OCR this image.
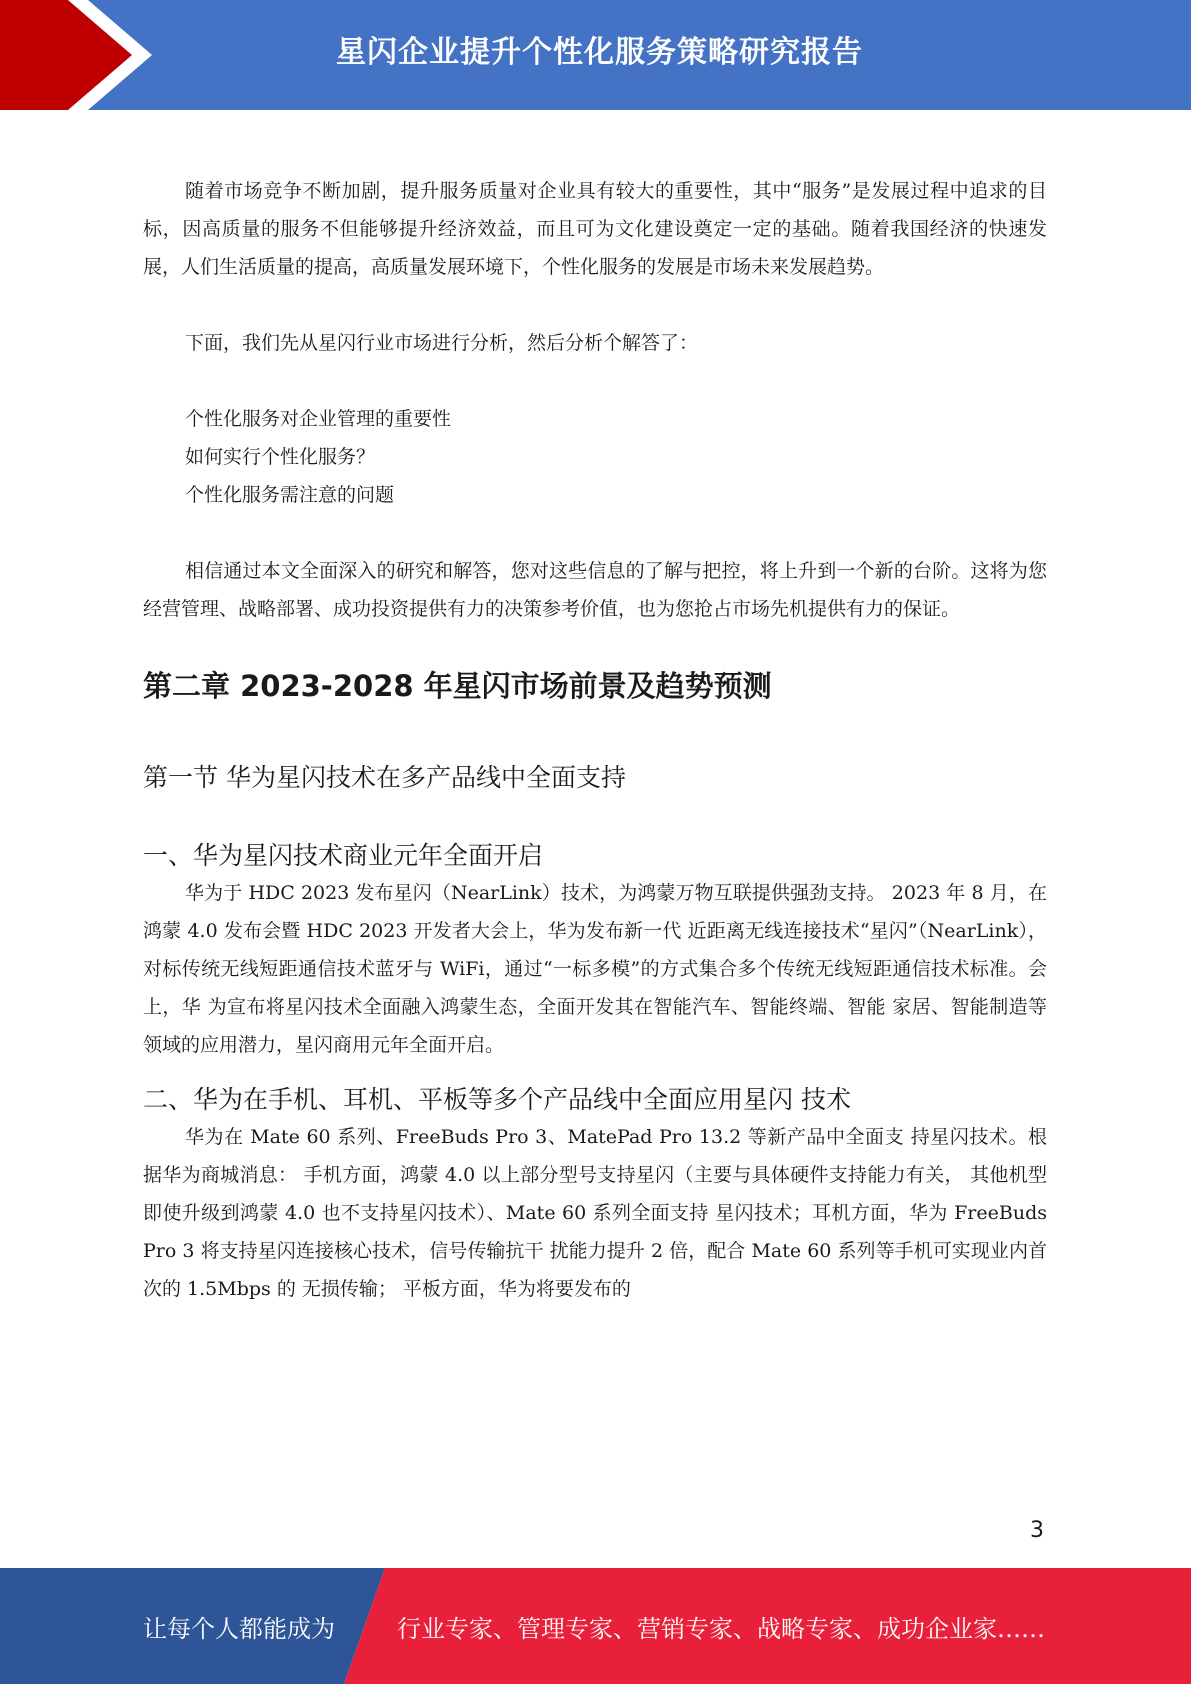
星闪企业提升个性化服务策略研究报告

随着市场竞争不断加剧，提升服务质量对企业具有较大的重要性，其中“服务”是发展过程中追求的目标，因高质量的服务不但能够提升经济效益，而且可为文化建设奠定一定的基础。随着我国经济的快速发展，人们生活质量的提高，高质量发展环境下，个性化服务的发展是市场未来发展趋势。

下面，我们先从星闪行业市场进行分析，然后分析个解答了：

个性化服务对企业管理的重要性

如何实行个性化服务？

个性化服务需注意的问题

相信通过本文全面深入的研究和解答，您对这些信息的了解与把控，将上升到一个新的台阶。这将为您经营管理、战略部署、成功投资提供有力的决策参考价值，也为您抢占市场先机提供有力的保证。

第二章 2023-2028 年星闪市场前景及趋势预测
第一节 华为星闪技术在多产品线中全面支持
一、华为星闪技术商业元年全面开启

华为于 HDC 2023 发布星闪（NearLink）技术，为鸿蒙万物互联提供强劲支持。 2023 年 8 月，在鸿蒙 4.0 发布会暨 HDC 2023 开发者大会上，华为发布新一代 近距离无线连接技术“星闪”（NearLink），对标传统无线短距通信技术蓝牙与 WiFi，通过“一标多模”的方式集合多个传统无线短距通信技术标准。会上，华 为宣布将星闪技术全面融入鸿蒙生态，全面开发其在智能汽车、智能终端、智能 家居、智能制造等领域的应用潜力，星闪商用元年全面开启。

二、华为在手机、耳机、平板等多个产品线中全面应用星闪 技术

华为在 Mate 60 系列、FreeBuds Pro 3、MatePad Pro 13.2 等新产品中全面支 持星闪技术。根据华为商城消息： 手机方面，鸿蒙 4.0 以上部分型号支持星闪（主要与具体硬件支持能力有关， 其他机型即使升级到鸿蒙 4.0 也不支持星闪技术）、Mate 60 系列全面支持 星闪技术；耳机方面，华为 FreeBuds Pro 3 将支持星闪连接核心技术，信号传输抗干 扰能力提升 2 倍，配合 Mate 60 系列等手机可实现业内首次的 1.5Mbps 的 无损传输； 平板方面，华为将要发布的

3
让每个人都能成为	行业专家、管理专家、营销专家、战略专家、成功企业家……
